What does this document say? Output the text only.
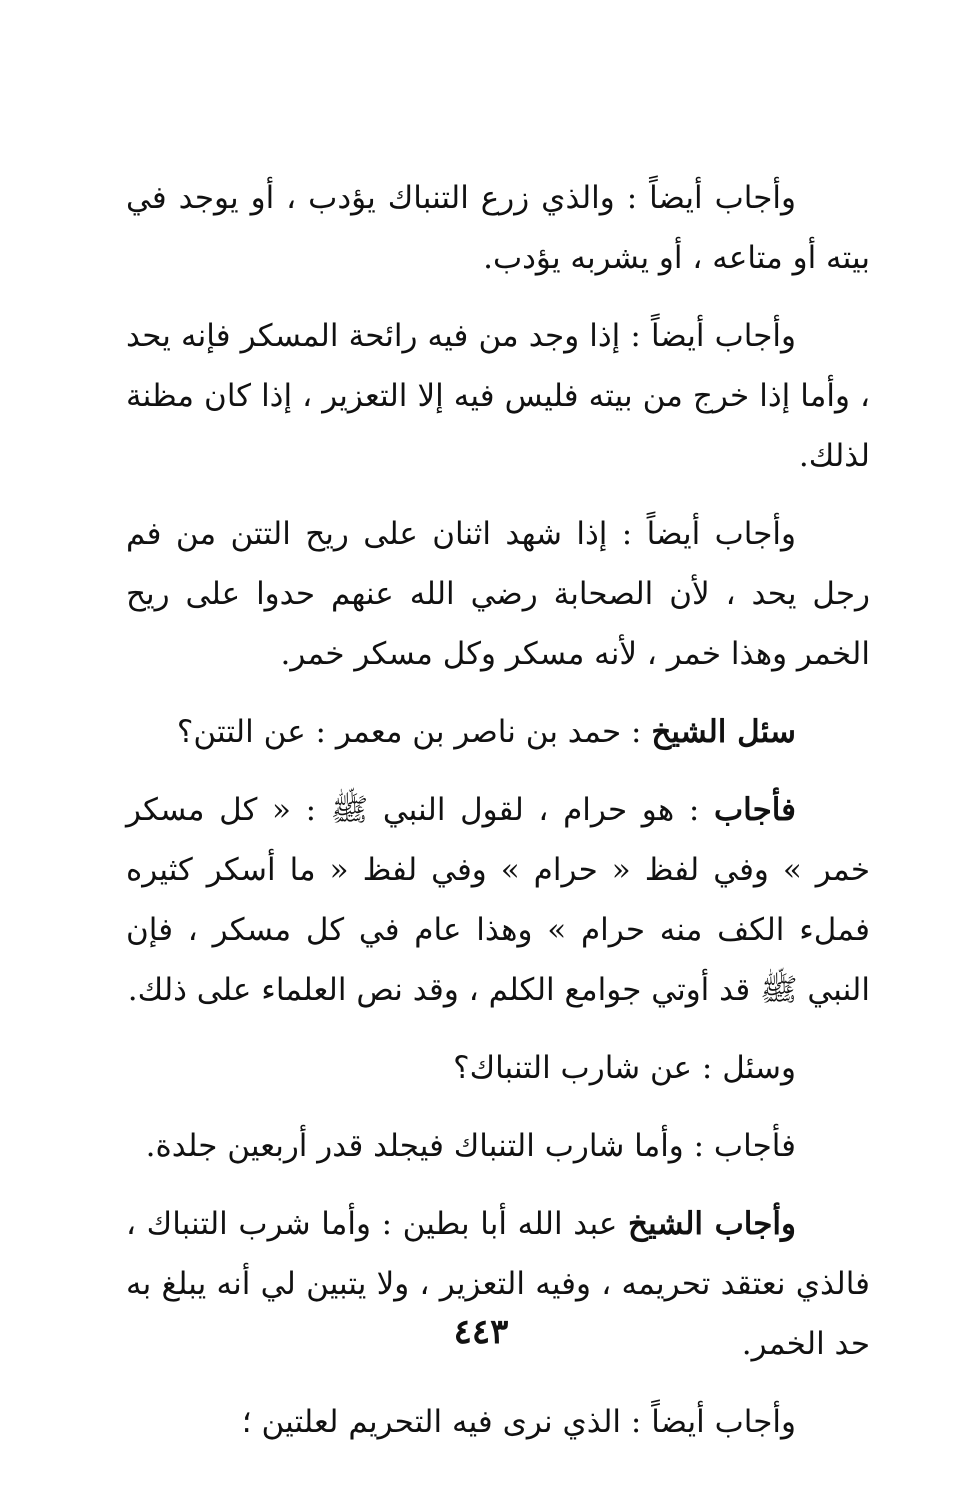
وأجاب أيضاً : والذي زرع التنباك يؤدب ، أو يوجد في بيته أو متاعه ، أو يشربه يؤدب.

وأجاب أيضاً : إذا وجد من فيه رائحة المسكر فإنه يحد ، وأما إذا خرج من بيته فليس فيه إلا التعزير ، إذا كان مظنة لذلك.

وأجاب أيضاً : إذا شهد اثنان على ريح التتن من فم رجل يحد ، لأن الصحابة رضي الله عنهم حدوا على ريح الخمر وهذا خمر ، لأنه مسكر وكل مسكر خمر.

سئل الشيخ : حمد بن ناصر بن معمر : عن التتن؟

فأجاب : هو حرام ، لقول النبي ﷺ : « كل مسكر خمر » وفي لفظ « حرام » وفي لفظ « ما أسكر كثيره فملء الكف منه حرام » وهذا عام في كل مسكر ، فإن النبي ﷺ قد أوتي جوامع الكلم ، وقد نص العلماء على ذلك.

وسئل : عن شارب التنباك؟

فأجاب : وأما شارب التنباك فيجلد قدر أربعين جلدة.

وأجاب الشيخ عبد الله أبا بطين : وأما شرب التنباك ، فالذي نعتقد تحريمه ، وفيه التعزير ، ولا يتبين لي أنه يبلغ به حد الخمر.

وأجاب أيضاً : الذي نرى فيه التحريم لعلتين ؛

٤٤٣
